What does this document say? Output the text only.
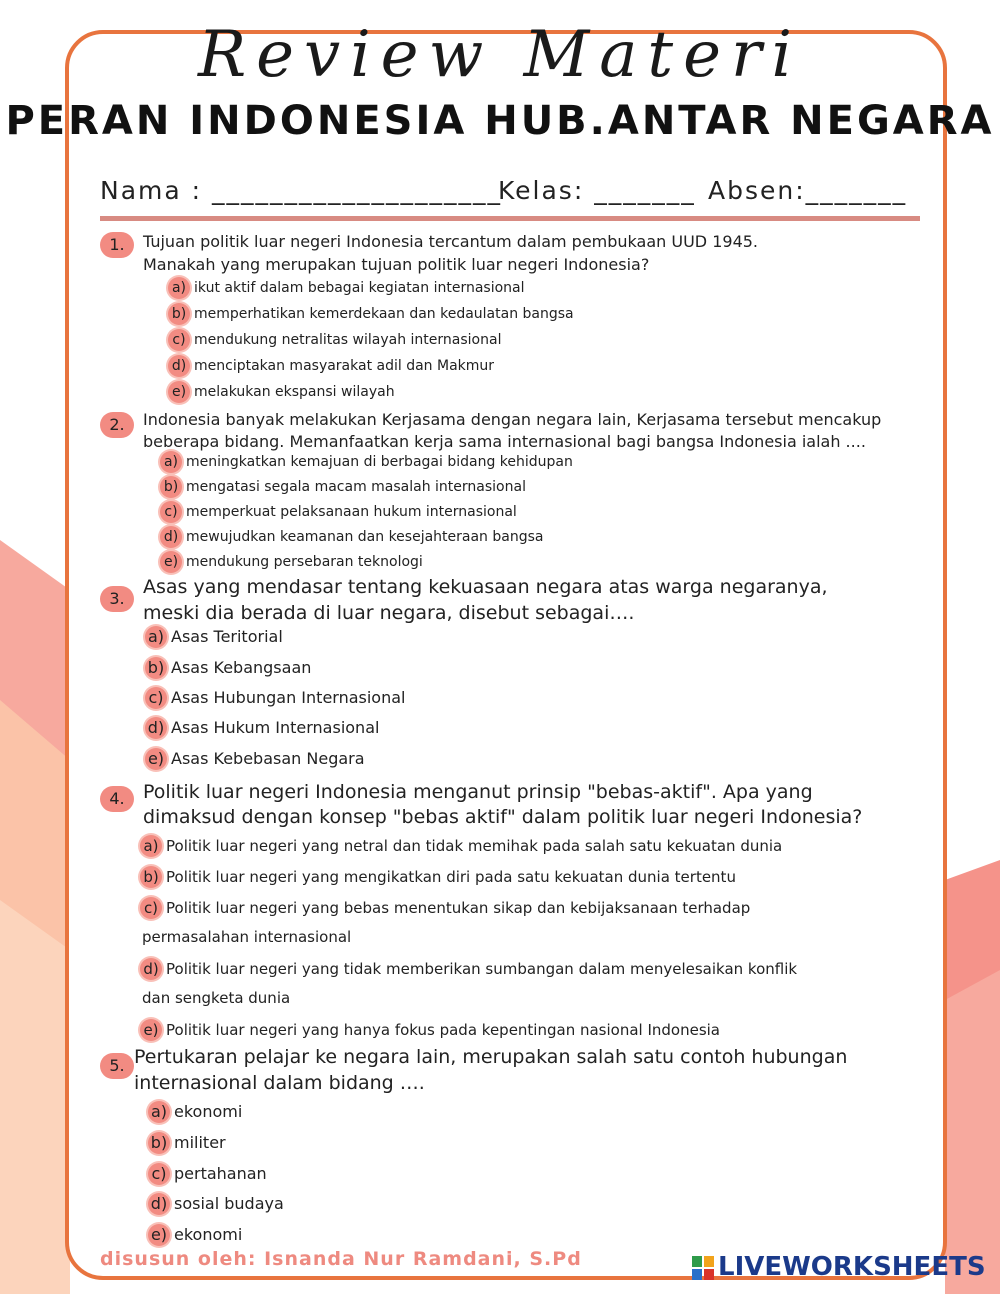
Review Materi
PERAN INDONESIA HUB.ANTAR NEGARA
Nama : ____________________
Kelas: _______ Absen:_______
1.	Tujuan politik luar negeri Indonesia tercantum dalam pembukaan UUD 1945.
Manakah yang merupakan tujuan politik luar negeri Indonesia?
a) ikut aktif dalam bebagai kegiatan internasional
b) memperhatikan kemerdekaan dan kedaulatan bangsa
c) mendukung netralitas wilayah internasional
d) menciptakan masyarakat adil dan Makmur
e) melakukan ekspansi wilayah
2.	Indonesia banyak melakukan Kerjasama dengan negara lain, Kerjasama tersebut mencakup
beberapa bidang. Memanfaatkan kerja sama internasional bagi bangsa Indonesia ialah ....
a) meningkatkan kemajuan di berbagai bidang kehidupan
b) mengatasi segala macam masalah internasional
c) memperkuat pelaksanaan hukum internasional
d) mewujudkan keamanan dan kesejahteraan bangsa
e) mendukung persebaran teknologi
3.
Asas yang mendasar tentang kekuasaan negara atas warga negaranya,
meski dia berada di luar negara, disebut sebagai….
a) Asas Teritorial
b) Asas Kebangsaan
c) Asas Hubungan Internasional
d) Asas Hukum Internasional
e) Asas Kebebasan Negara
4. Politik luar negeri Indonesia menganut prinsip "bebas-aktif". Apa yang
dimaksud dengan konsep "bebas aktif" dalam politik luar negeri Indonesia?
a) Politik luar negeri yang netral dan tidak memihak pada salah satu kekuatan dunia
b) Politik luar negeri yang mengikatkan diri pada satu kekuatan dunia tertentu
c) Politik luar negeri yang bebas menentukan sikap dan kebijaksanaan terhadap
permasalahan internasional
d) Politik luar negeri yang tidak memberikan sumbangan dalam menyelesaikan konflik
dan sengketa dunia
e) Politik luar negeri yang hanya fokus pada kepentingan nasional Indonesia
5. Pertukaran pelajar ke negara lain, merupakan salah satu contoh hubungan
internasional dalam bidang ….
a) ekonomi
b) militer
c) pertahanan
d) sosial budaya
e) ekonomi
disusun oleh: Isnanda Nur Ramdani, S.Pd	LIVEWORKSHEETS
